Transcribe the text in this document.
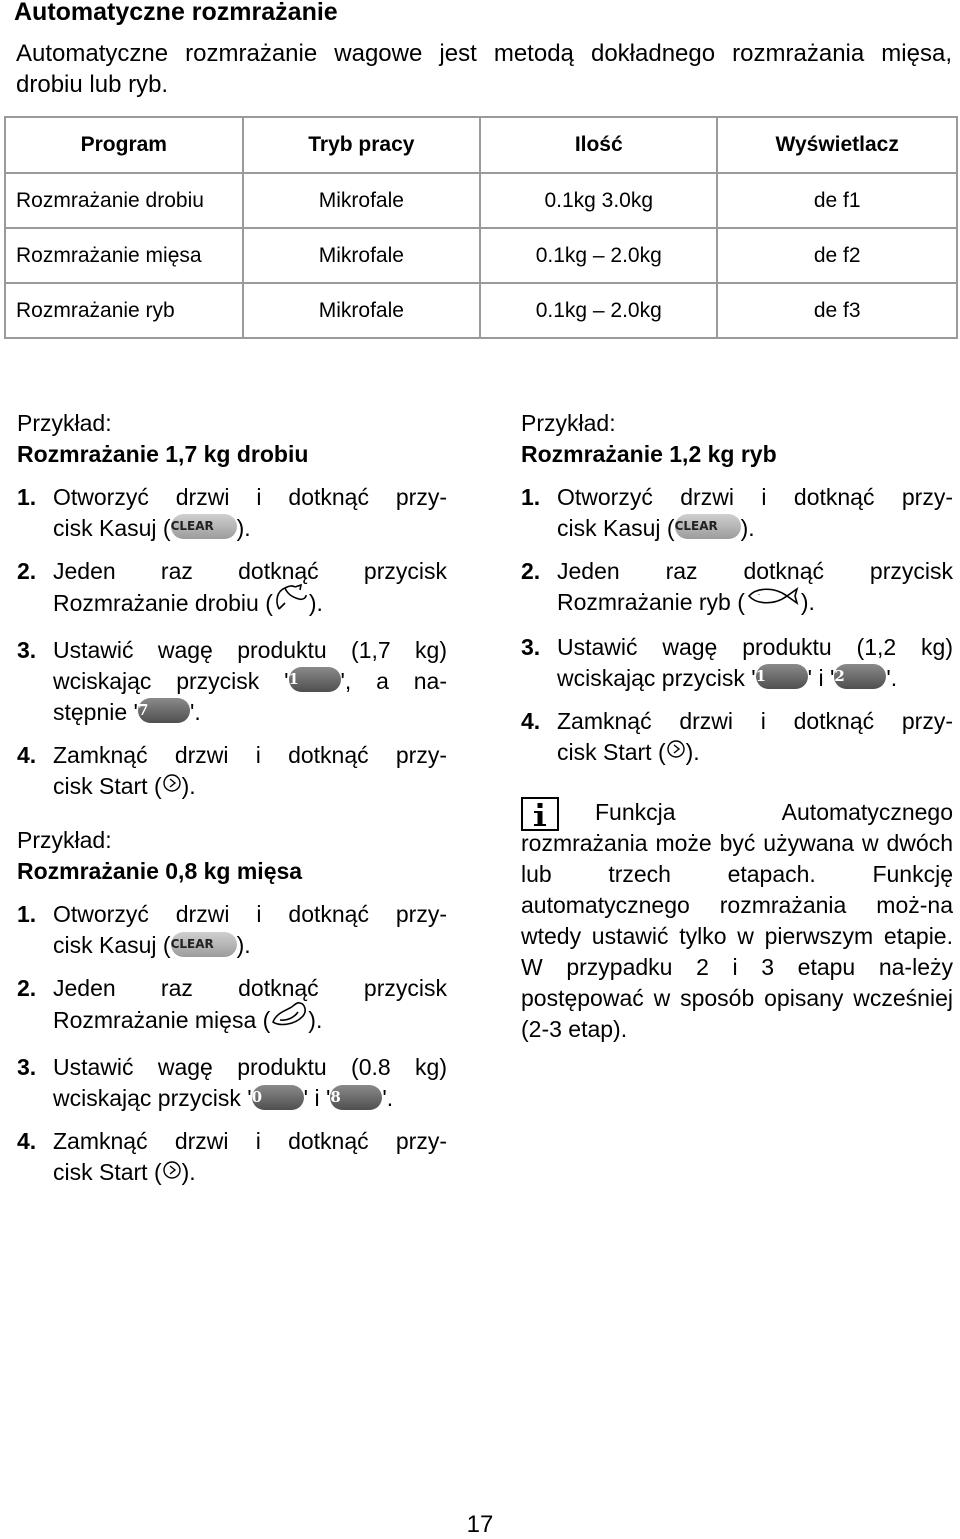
Automatyczne rozmrażanie

Automatyczne rozmrażanie wagowe jest metodą dokładnego rozmrażania mięsa, drobiu lub ryb.

Program	Tryb pracy	Ilość	Wyświetlacz
Rozmrażanie drobiu	Mikrofale	0.1kg 3.0kg	de f1
Rozmrażanie mięsa	Mikrofale	0.1kg – 2.0kg	de f2
Rozmrażanie ryb	Mikrofale	0.1kg – 2.0kg	de f3
Przykład:
Rozmrażanie 1,7 kg drobiu
1. Otworzyć drzwi i dotknąć przy-
cisk Kasuj (CLEAR ).
2. Jeden raz dotknąć przycisk
Rozmrażanie drobiu ( ).
3. Ustawić wagę produktu (1,7 kg)
wciskając przycisk '1 ', a na-
stępnie '7 '.
4. Zamknąć drzwi i dotknąć przy-
cisk Start ( ).
Przykład:
Rozmrażanie 0,8 kg mięsa
1. Otworzyć drzwi i dotknąć przy-
cisk Kasuj (CLEAR ).
2. Jeden raz dotknąć przycisk
Rozmrażanie mięsa ( ).
3. Ustawić wagę produktu (0.8 kg)
wciskając przycisk '0 ' i '8 '.
4. Zamknąć drzwi i dotknąć przy-
cisk Start ( ).
Przykład:
Rozmrażanie 1,2 kg ryb
1. Otworzyć drzwi i dotknąć przy-
cisk Kasuj (CLEAR ).
2. Jeden raz dotknąć przycisk
Rozmrażanie ryb ( ).
3. Ustawić wagę produktu (1,2 kg)
wciskając przycisk '1 ' i '2 '.
4. Zamknąć drzwi i dotknąć przy-
cisk Start ( ).
Funkcja Automatycznego
rozmrażania może być używana w dwóch lub trzech etapach. Funkcję automatycznego rozmrażania moż-na wtedy ustawić tylko w pierwszym etapie. W przypadku 2 i 3 etapu na-leży postępować w sposób opisany wcześniej (2-3 etap).
17
